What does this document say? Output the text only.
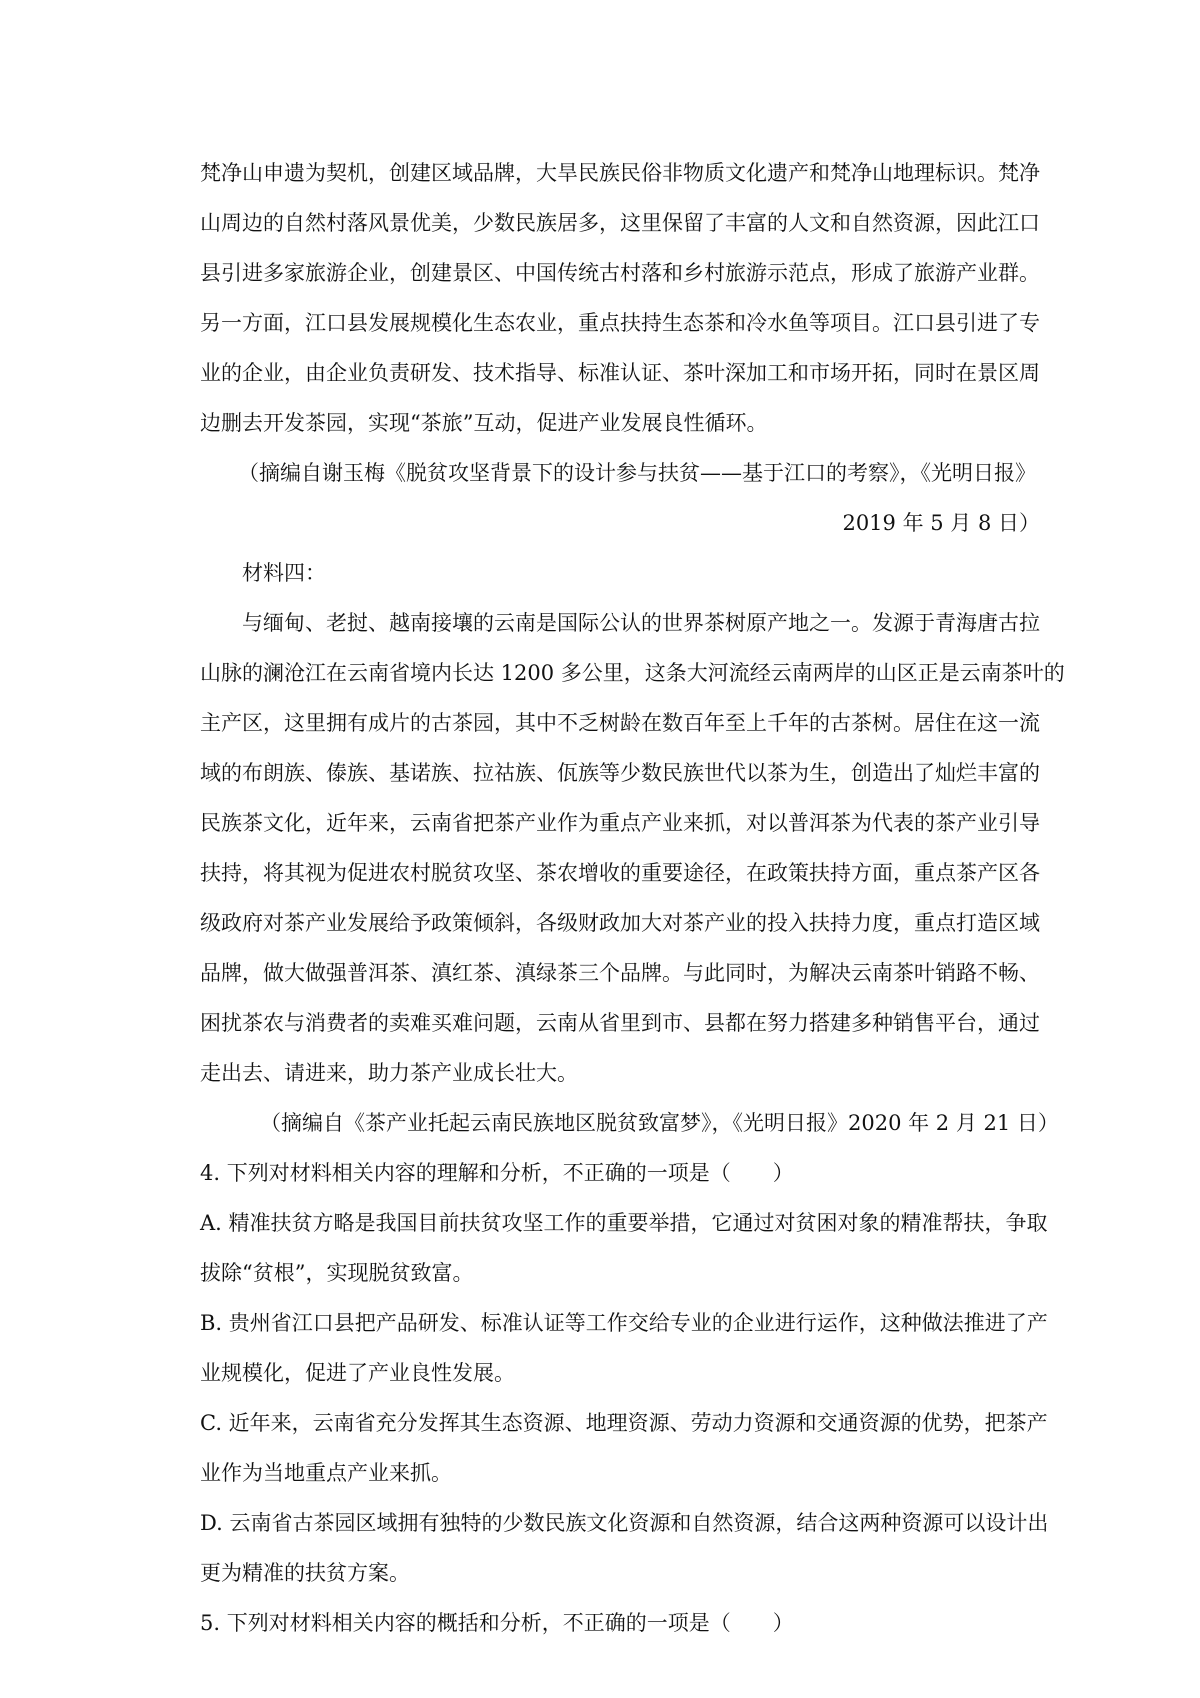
梵净山申遗为契机，创建区域品牌，大旱民族民俗非物质文化遗产和梵净山地理标识。梵净
山周边的自然村落风景优美，少数民族居多，这里保留了丰富的人文和自然资源，因此江口
县引进多家旅游企业，创建景区、中国传统古村落和乡村旅游示范点，形成了旅游产业群。
另一方面，江口县发展规模化生态农业，重点扶持生态茶和冷水鱼等项目。江口县引进了专
业的企业，由企业负责研发、技术指导、标准认证、茶叶深加工和市场开拓，同时在景区周
边删去开发茶园，实现“茶旅”互动，促进产业发展良性循环。
（摘编自谢玉梅《脱贫攻坚背景下的设计参与扶贫——基于江口的考察》，《光明日报》
2019 年 5 月 8 日）
材料四：
与缅甸、老挝、越南接壤的云南是国际公认的世界茶树原产地之一。发源于青海唐古拉
山脉的澜沧江在云南省境内长达 1200 多公里，这条大河流经云南两岸的山区正是云南茶叶的
主产区，这里拥有成片的古茶园，其中不乏树龄在数百年至上千年的古茶树。居住在这一流
域的布朗族、傣族、基诺族、拉祜族、佤族等少数民族世代以茶为生，创造出了灿烂丰富的
民族茶文化，近年来，云南省把茶产业作为重点产业来抓，对以普洱茶为代表的茶产业引导
扶持，将其视为促进农村脱贫攻坚、茶农增收的重要途径，在政策扶持方面，重点茶产区各
级政府对茶产业发展给予政策倾斜，各级财政加大对茶产业的投入扶持力度，重点打造区域
品牌，做大做强普洱茶、滇红茶、滇绿茶三个品牌。与此同时，为解决云南茶叶销路不畅、
困扰茶农与消费者的卖难买难问题，云南从省里到市、县都在努力搭建多种销售平台，通过
走出去、请进来，助力茶产业成长壮大。
（摘编自《茶产业托起云南民族地区脱贫致富梦》，《光明日报》2020 年 2 月 21 日）
4. 下列对材料相关内容的理解和分析，不正确的一项是（　　）
A. 精准扶贫方略是我国目前扶贫攻坚工作的重要举措，它通过对贫困对象的精准帮扶，争取
拔除“贫根”，实现脱贫致富。
B. 贵州省江口县把产品研发、标准认证等工作交给专业的企业进行运作，这种做法推进了产
业规模化，促进了产业良性发展。
C. 近年来，云南省充分发挥其生态资源、地理资源、劳动力资源和交通资源的优势，把茶产
业作为当地重点产业来抓。
D. 云南省古茶园区域拥有独特的少数民族文化资源和自然资源，结合这两种资源可以设计出
更为精准的扶贫方案。
5. 下列对材料相关内容的概括和分析，不正确的一项是（　　）
